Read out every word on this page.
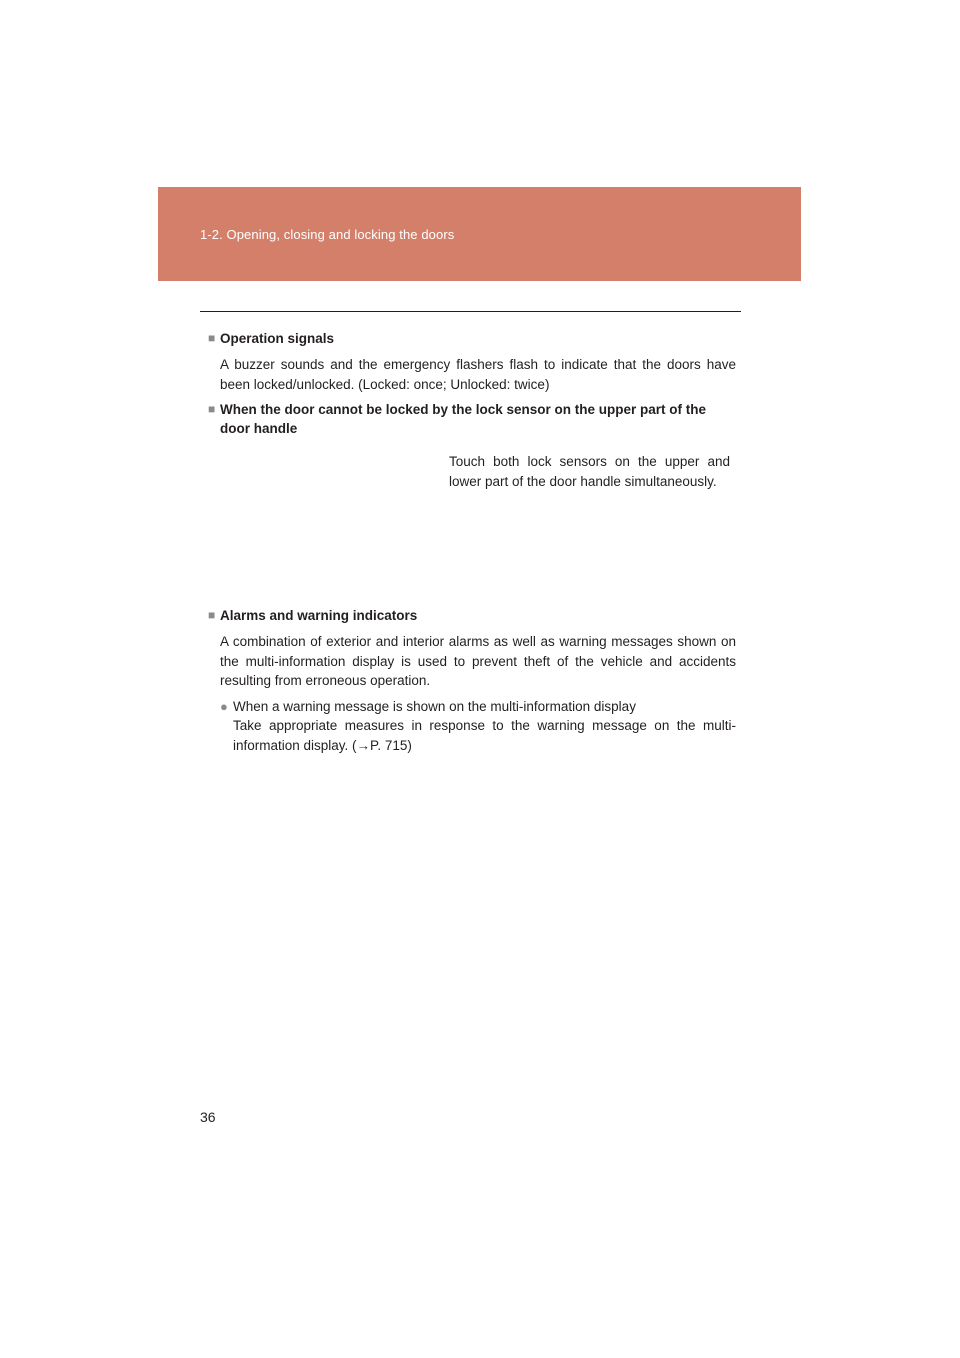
1-2. Opening, closing and locking the doors
■ Operation signals
A buzzer sounds and the emergency flashers flash to indicate that the doors have been locked/unlocked. (Locked: once; Unlocked: twice)
■ When the door cannot be locked by the lock sensor on the upper part of the door handle
Touch both lock sensors on the upper and lower part of the door handle simultaneously.
■ Alarms and warning indicators
A combination of exterior and interior alarms as well as warning messages shown on the multi-information display is used to prevent theft of the vehicle and accidents resulting from erroneous operation.
● When a warning message is shown on the multi-information display
Take appropriate measures in response to the warning message on the multi-information display. (→P. 715)
36
